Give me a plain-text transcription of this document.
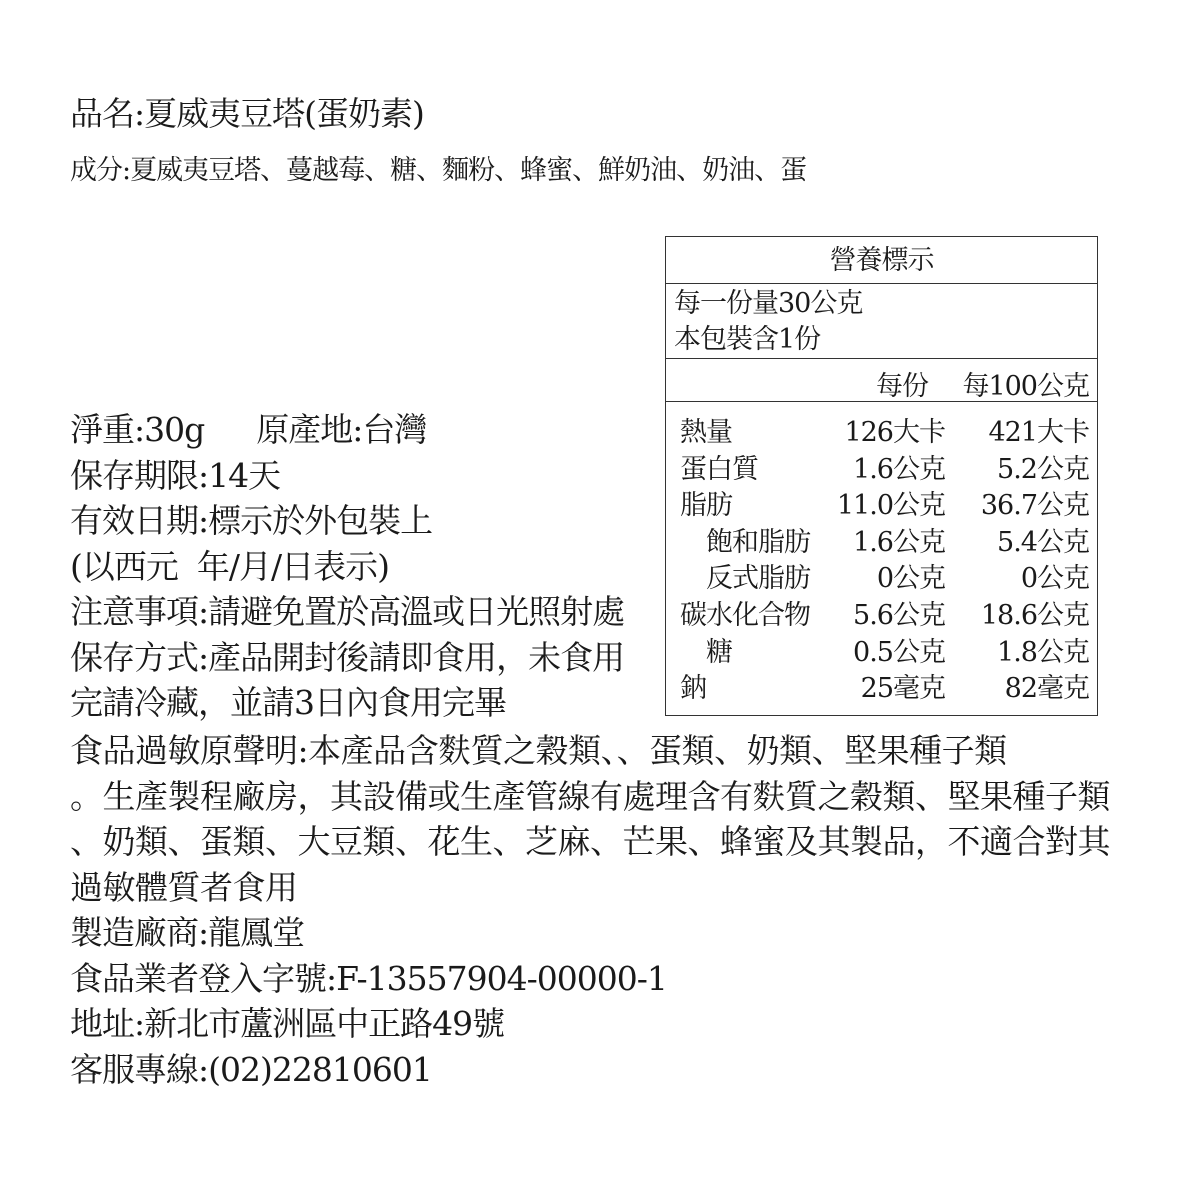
品名:夏威夷豆塔(蛋奶素)
成分:夏威夷豆塔、蔓越莓、糖、麵粉、蜂蜜、鮮奶油、奶油、蛋
淨重:30g 原產地:台灣
保存期限:14天
有效日期:標示於外包裝上
(以西元  年/月/日表示)
注意事項:請避免置於高溫或日光照射處
保存方式:產品開封後請即食用，未食用
完請冷藏，並請3日內食用完畢
營養標示
每一份量30公克
本包裝含1份
每份 每100公克
熱量	126大卡 421大卡
蛋白質	1.6公克 5.2公克
脂肪	11.0公克 36.7公克
飽和脂肪 1.6公克 5.4公克
反式脂肪 0公克	0公克
碳水化合物 5.6公克 18.6公克
糖	0.5公克 1.8公克
鈉	25毫克 82毫克
食品過敏原聲明:本產品含麩質之穀類、、蛋類、奶類、堅果種子類
。生產製程廠房，其設備或生產管線有處理含有麩質之穀類、堅果種子類
、奶類、蛋類、大豆類、花生、芝麻、芒果、蜂蜜及其製品，不適合對其
過敏體質者食用
製造廠商:龍鳳堂
食品業者登入字號:F-13557904-00000-1
地址:新北市蘆洲區中正路49號
客服專線:(02)22810601
